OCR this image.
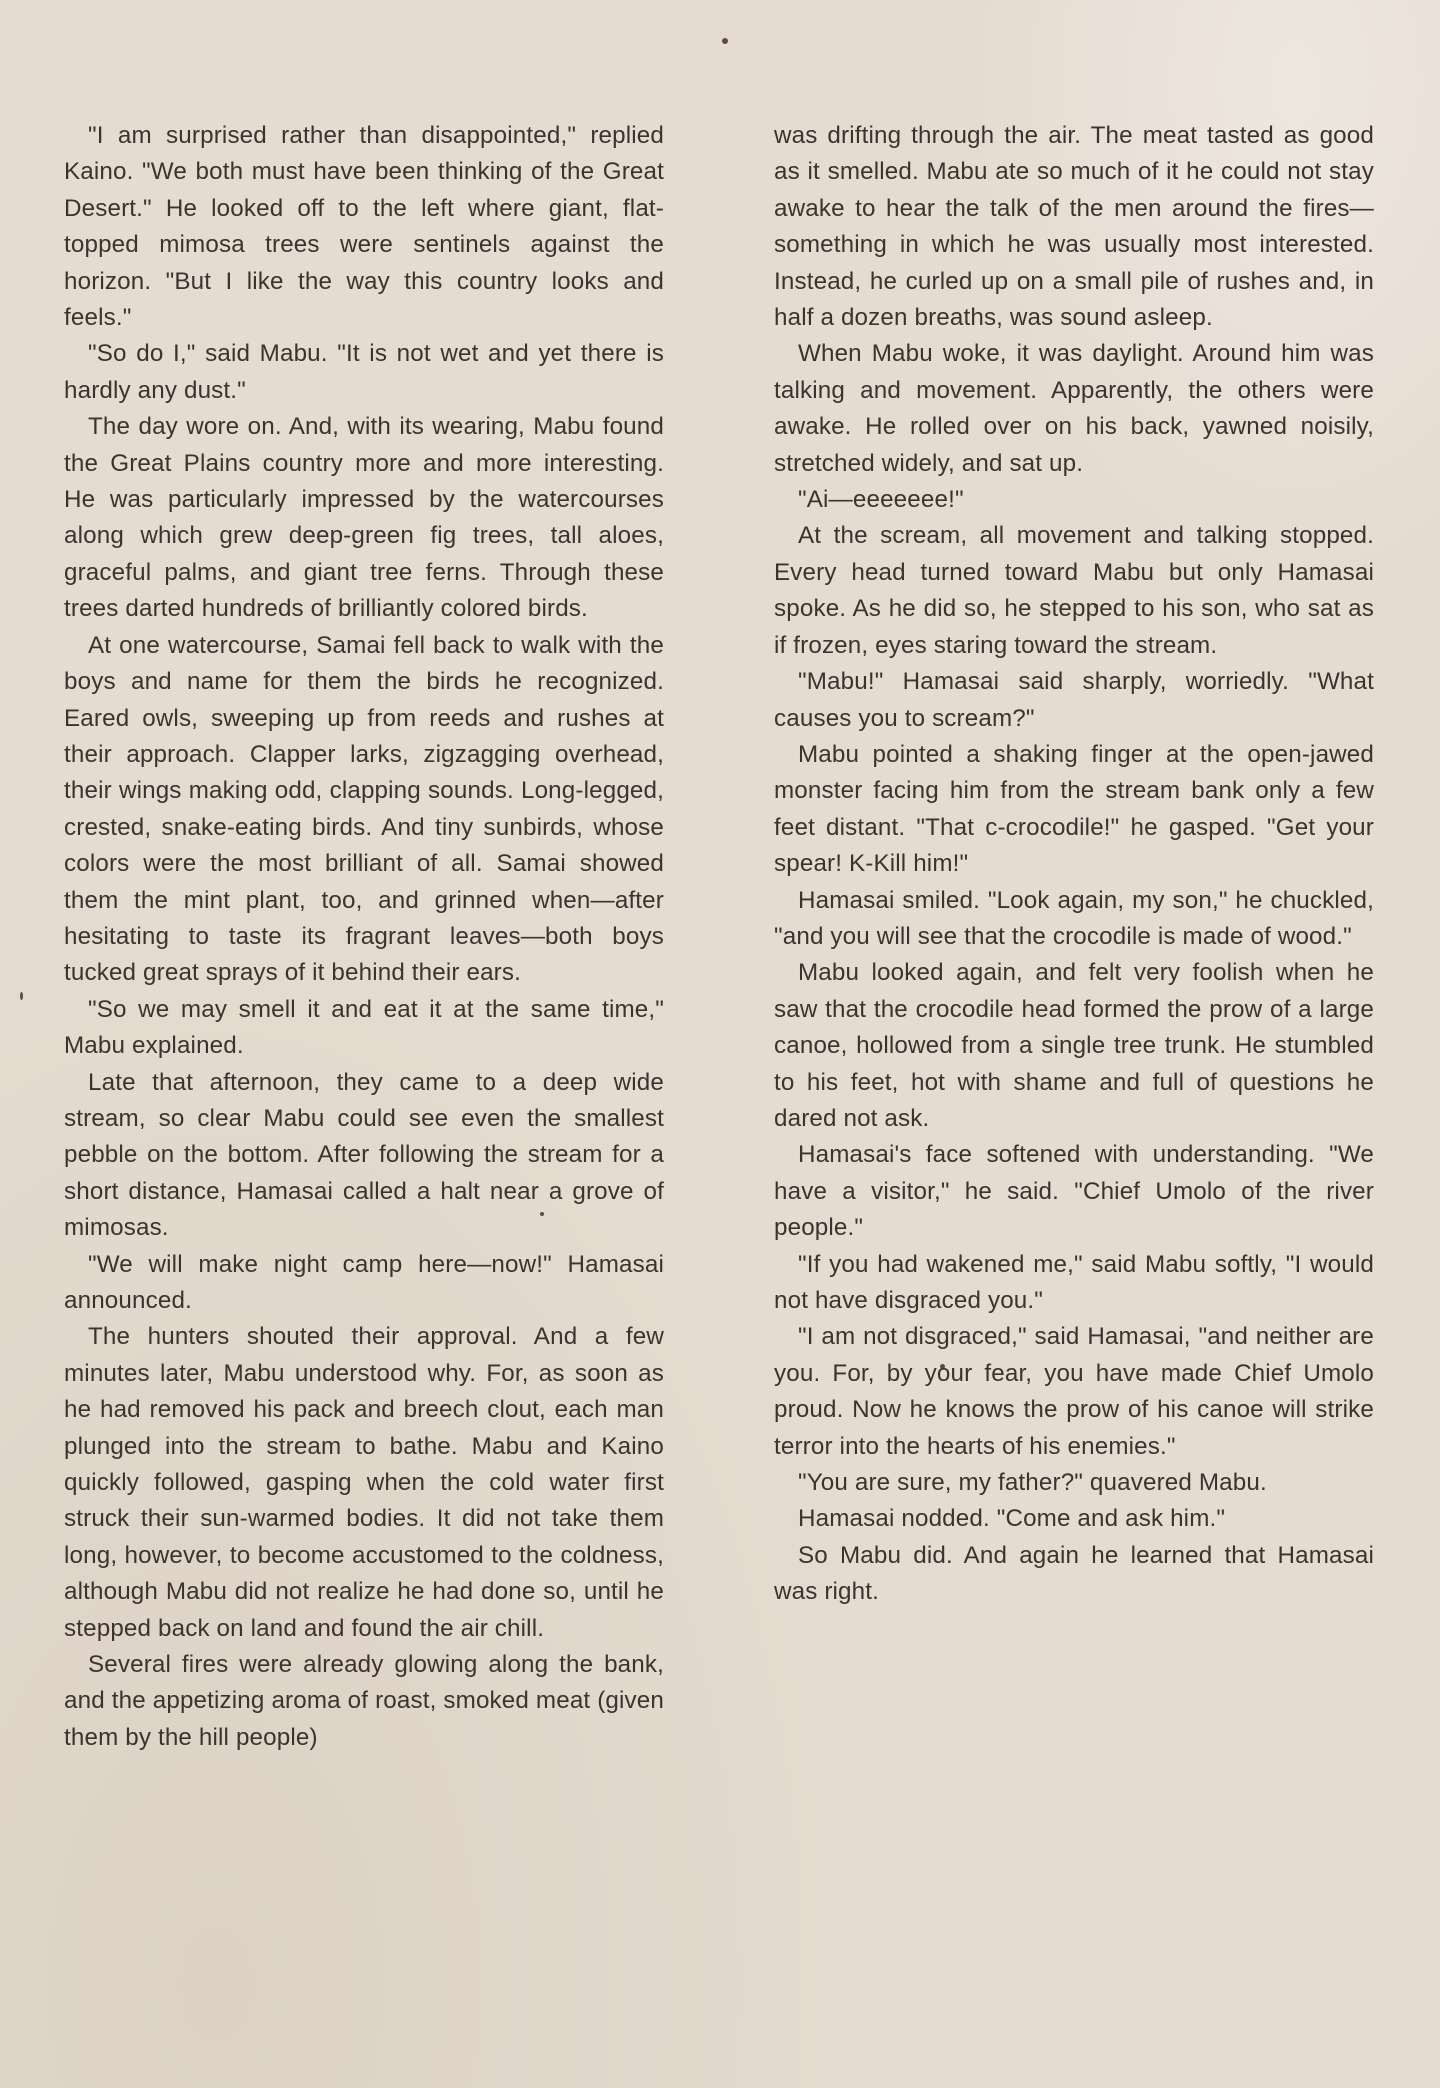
"I am surprised rather than disappointed," replied Kaino. "We both must have been thinking of the Great Desert." He looked off to the left where giant, flat-topped mimosa trees were sentinels against the horizon. "But I like the way this country looks and feels."

"So do I," said Mabu. "It is not wet and yet there is hardly any dust."

The day wore on. And, with its wearing, Mabu found the Great Plains country more and more interesting. He was particularly impressed by the watercourses along which grew deep-green fig trees, tall aloes, graceful palms, and giant tree ferns. Through these trees darted hundreds of brilliantly colored birds.

At one watercourse, Samai fell back to walk with the boys and name for them the birds he recognized. Eared owls, sweeping up from reeds and rushes at their approach. Clapper larks, zigzagging overhead, their wings making odd, clapping sounds. Long-legged, crested, snake-eating birds. And tiny sunbirds, whose colors were the most brilliant of all. Samai showed them the mint plant, too, and grinned when—after hesitating to taste its fragrant leaves—both boys tucked great sprays of it behind their ears.

"So we may smell it and eat it at the same time," Mabu explained.

Late that afternoon, they came to a deep wide stream, so clear Mabu could see even the smallest pebble on the bottom. After following the stream for a short distance, Hamasai called a halt near a grove of mimosas.

"We will make night camp here—now!" Hamasai announced.

The hunters shouted their approval. And a few minutes later, Mabu understood why. For, as soon as he had removed his pack and breech clout, each man plunged into the stream to bathe. Mabu and Kaino quickly followed, gasping when the cold water first struck their sun-warmed bodies. It did not take them long, however, to become accustomed to the coldness, although Mabu did not realize he had done so, until he stepped back on land and found the air chill.

Several fires were already glowing along the bank, and the appetizing aroma of roast, smoked meat (given them by the hill people)

was drifting through the air. The meat tasted as good as it smelled. Mabu ate so much of it he could not stay awake to hear the talk of the men around the fires—something in which he was usually most interested. Instead, he curled up on a small pile of rushes and, in half a dozen breaths, was sound asleep.

When Mabu woke, it was daylight. Around him was talking and movement. Apparently, the others were awake. He rolled over on his back, yawned noisily, stretched widely, and sat up.

"Ai—eeeeeee!"

At the scream, all movement and talking stopped. Every head turned toward Mabu but only Hamasai spoke. As he did so, he stepped to his son, who sat as if frozen, eyes staring toward the stream.

"Mabu!" Hamasai said sharply, worriedly. "What causes you to scream?"

Mabu pointed a shaking finger at the open-jawed monster facing him from the stream bank only a few feet distant. "That c-crocodile!" he gasped. "Get your spear! K-Kill him!"

Hamasai smiled. "Look again, my son," he chuckled, "and you will see that the crocodile is made of wood."

Mabu looked again, and felt very foolish when he saw that the crocodile head formed the prow of a large canoe, hollowed from a single tree trunk. He stumbled to his feet, hot with shame and full of questions he dared not ask.

Hamasai's face softened with understanding. "We have a visitor," he said. "Chief Umolo of the river people."

"If you had wakened me," said Mabu softly, "I would not have disgraced you."

"I am not disgraced," said Hamasai, "and neither are you. For, by your fear, you have made Chief Umolo proud. Now he knows the prow of his canoe will strike terror into the hearts of his enemies."

"You are sure, my father?" quavered Mabu.

Hamasai nodded. "Come and ask him."

So Mabu did. And again he learned that Hamasai was right.
